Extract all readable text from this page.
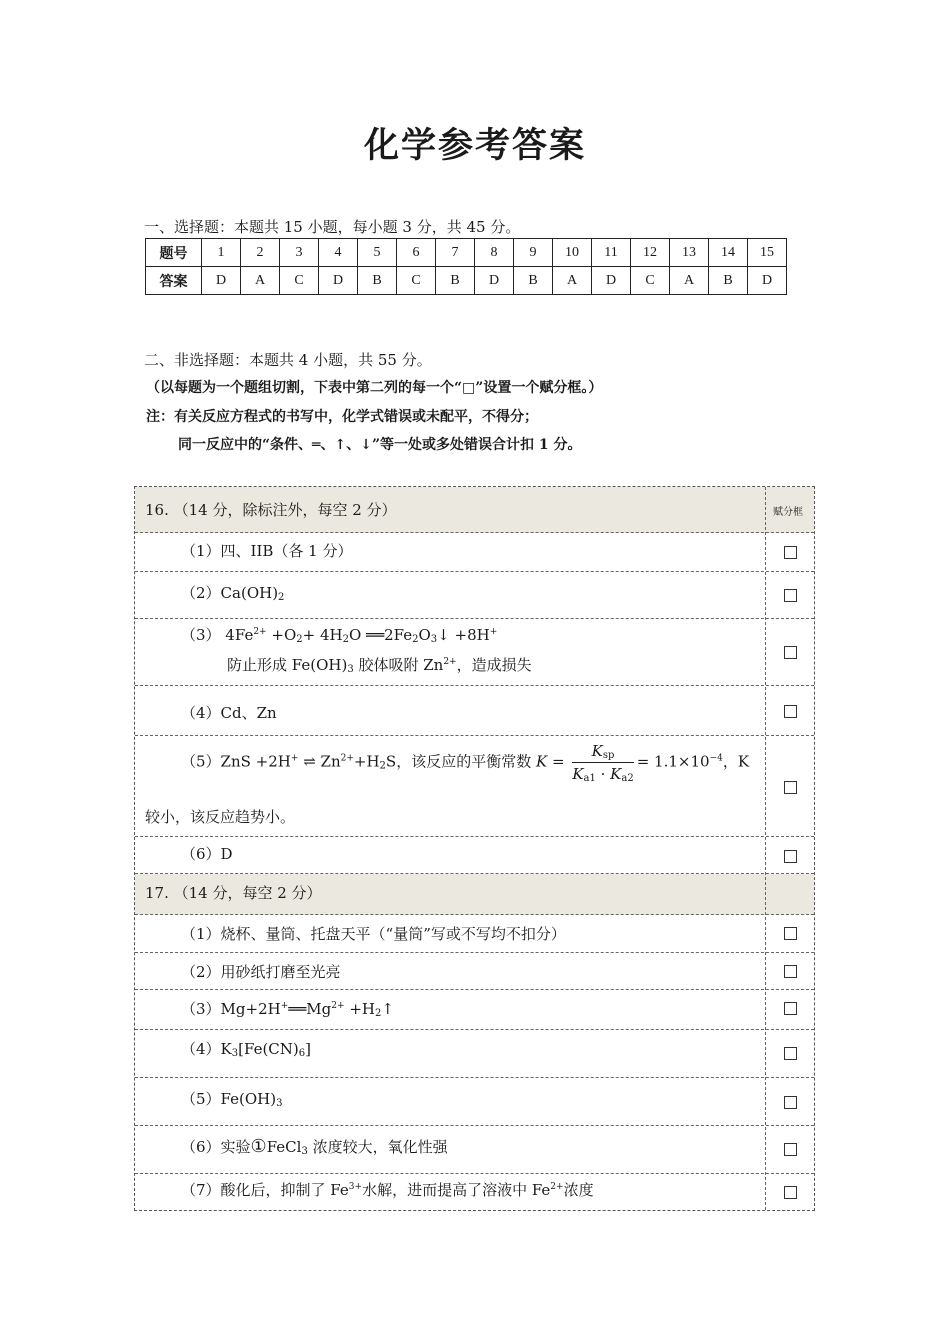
化学参考答案
一、选择题：本题共 15 小题，每小题 3 分，共 45 分。
题号	1	2	3	4	5	6	7	8	9	10	11	12	13	14	15
答案	D	A	C	D	B	C	B	D	B	A	D	C	A	B	D
二、非选择题：本题共 4 小题，共 55 分。
（以每题为一个题组切割，下表中第二列的每一个“□”设置一个赋分框。）
注：有关反应方程式的书写中，化学式错误或未配平，不得分；
同一反应中的“条件、═、↑、↓”等一处或多处错误合计扣 1 分。
16. （14 分，除标注外，每空 2 分）	赋分框
（1）四、IIB（各 1 分）
$(2)Ca(OH)_2$
（3） $4Fe^{2+} +O_2+ 4H_2O$ $══2Fe_2O_3↓ +8H^+$
防止形成 $Fe(OH)_3$ 胶体吸附 $Zn^{2+}$，造成损失
（4）Cd、Zn
（5）ZnS +2H+ ⇌ $Zn^{2+}+H_2S$，该反应的平衡常数 $K = \frac{K_{sp}}{K_{a1} \cdot K_{a2}} = 1.1\times 10^{-4}$，K
较小，该反应趋势小。
（6）D
17. （14 分，每空 2 分）
（1）烧杯、量筒、托盘天平（“量筒”写或不写均不扣分）
（2）用砂纸打磨至光亮
$(3)Mg+2H^+══Mg^{2+}$ $+H_2↑$
$(4)K_3[Fe(CN)_6]$
$(5)Fe(OH)_3$
（6）实验①FeCl$_3$ 浓度较大，氧化性强
（7）酸化后，抑制了 $Fe^{3+}$水解，进而提高了溶液中 $Fe^{2+}$浓度
